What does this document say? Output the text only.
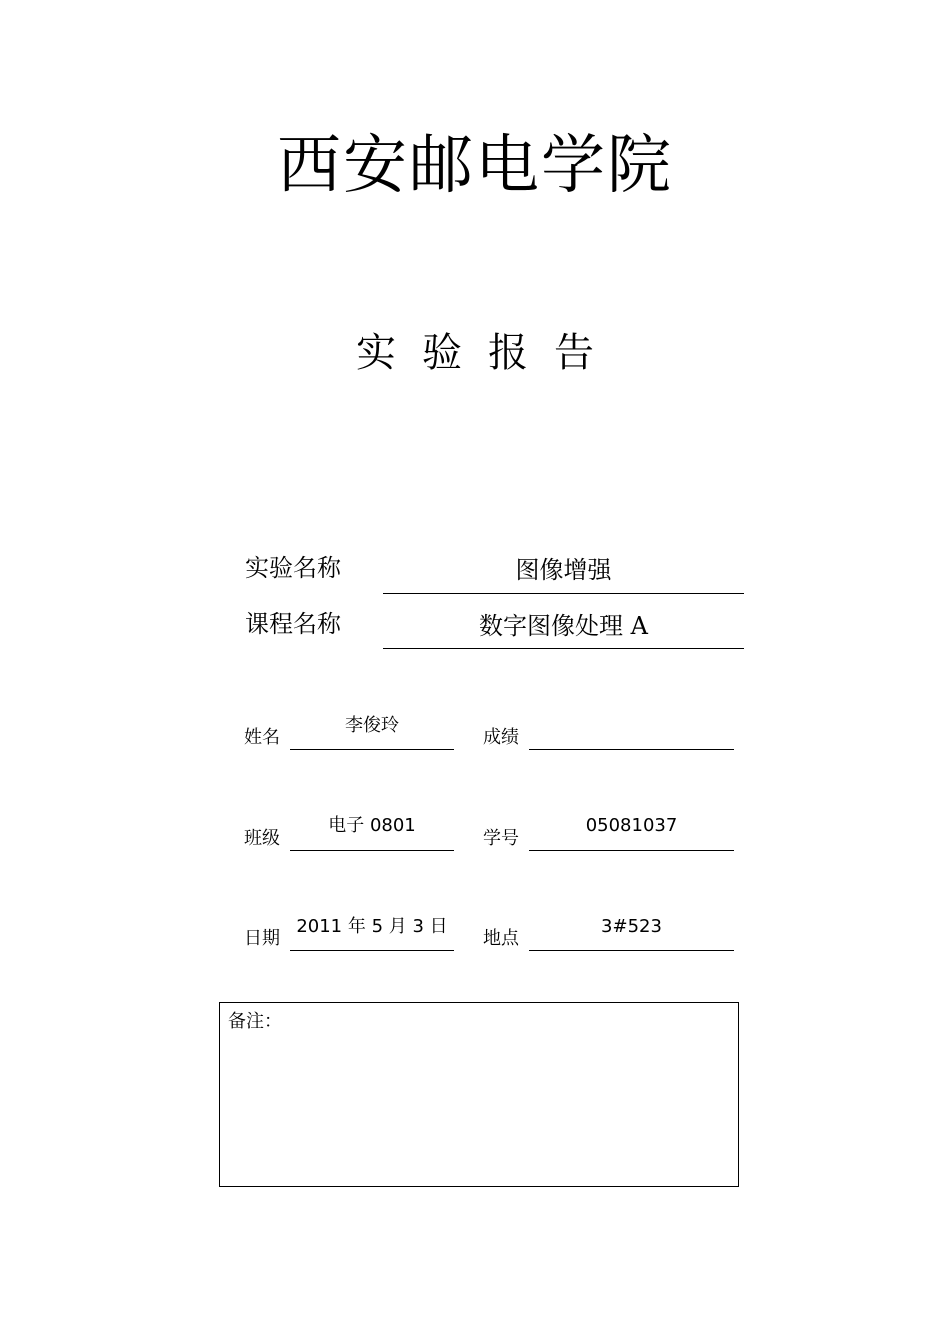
西安邮电学院
实验报告
实验名称	图像增强
课程名称	数字图像处理 A
姓名
李俊玲
成绩
班级
电子 0801
学号
05081037
日期
2011 年 5 月 3 日
地点
3#523
备注：
